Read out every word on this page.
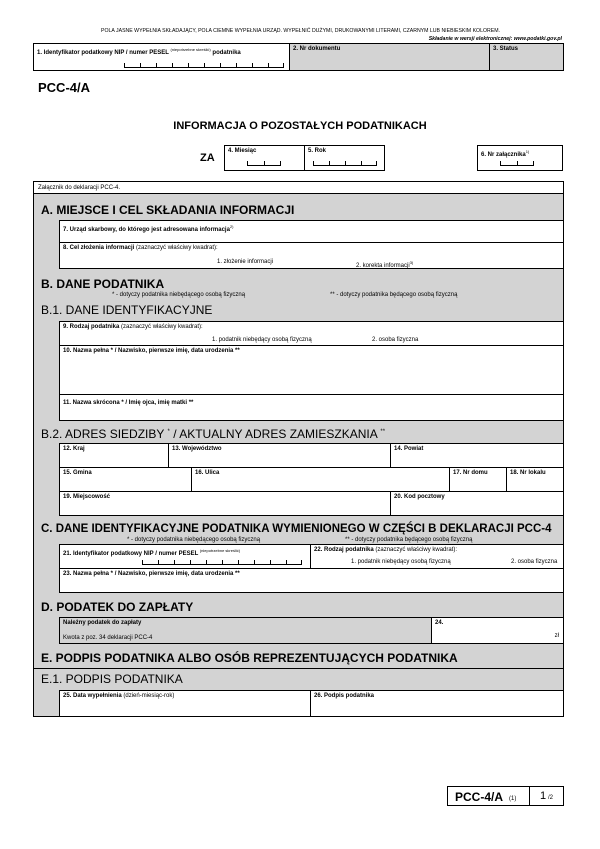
POLA JASNE WYPEŁNIA SKŁADAJĄCY, POLA CIEMNE WYPEŁNIA URZĄD. WYPEŁNIĆ DUŻYMI, DRUKOWANYMI LITERAMI, CZARNYM LUB NIEBIESKIM KOLOREM.
Składanie w wersji elektronicznej: www.podatki.gov.pl
1. Identyfikator podatkowy NIP / numer PESEL $^{(niepotrzebne skreślić)}$ podatnika
2. Nr dokumentu	3. Status
PCC-4/A
INFORMACJA O POZOSTAŁYCH PODATNIKACH
ZA
4. Miesiąc	5. Rok
6. Nr załącznika$^{1)}$
Załącznik do deklaracji PCC-4.
A. MIEJSCE I CEL SKŁADANIA INFORMACJI
7. Urząd skarbowy, do którego jest adresowana informacja$^{2)}$
8. Cel złożenia informacji (zaznaczyć właściwy kwadrat):
1. złożenie informacji
2. korekta informacji$^{3)}$
B. DANE PODATNIKA
* - dotyczy podatnika niebędącego osobą fizyczną	** - dotyczy podatnika będącego osobą fizyczną
B.1. DANE IDENTYFIKACYJNE
9. Rodzaj podatnika (zaznaczyć właściwy kwadrat):
1. podatnik niebędący osobą fizyczną	2. osoba fizyczna
10. Nazwa pełna * / Nazwisko, pierwsze imię, data urodzenia **
11. Nazwa skrócona * / Imię ojca, imię matki **
B.2. ADRES SIEDZIBY * / AKTUALNY ADRES ZAMIESZKANIA **
12. Kraj	13. Województwo	14. Powiat
15. Gmina	16. Ulica	17. Nr domu	18. Nr lokalu
19. Miejscowość	20. Kod pocztowy
C. DANE IDENTYFIKACYJNE PODATNIKA WYMIENIONEGO W CZĘŚCI B DEKLARACJI PCC-4
* - dotyczy podatnika niebędącego osobą fizyczną	** - dotyczy podatnika będącego osobą fizyczną
21. Identyfikator podatkowy NIP / numer PESEL $^{(niepotrzebne skreślić)}$	22. Rodzaj podatnika (zaznaczyć właściwy kwadrat):
1. podatnik niebędący osobą fizyczną	2. osoba fizyczna
23. Nazwa pełna * / Nazwisko, pierwsze imię, data urodzenia **
D. PODATEK DO ZAPŁATY
Należny podatek do zapłaty
Kwota z poz. 34 deklaracji PCC-4
24.
zł
E. PODPIS PODATNIKA ALBO OSÓB REPREZENTUJĄCYCH PODATNIKA
E.1. PODPIS PODATNIKA
25. Data wypełnienia (dzień-miesiąc-rok)	26. Podpis podatnika
PCC-4/A (1) 1 /2
